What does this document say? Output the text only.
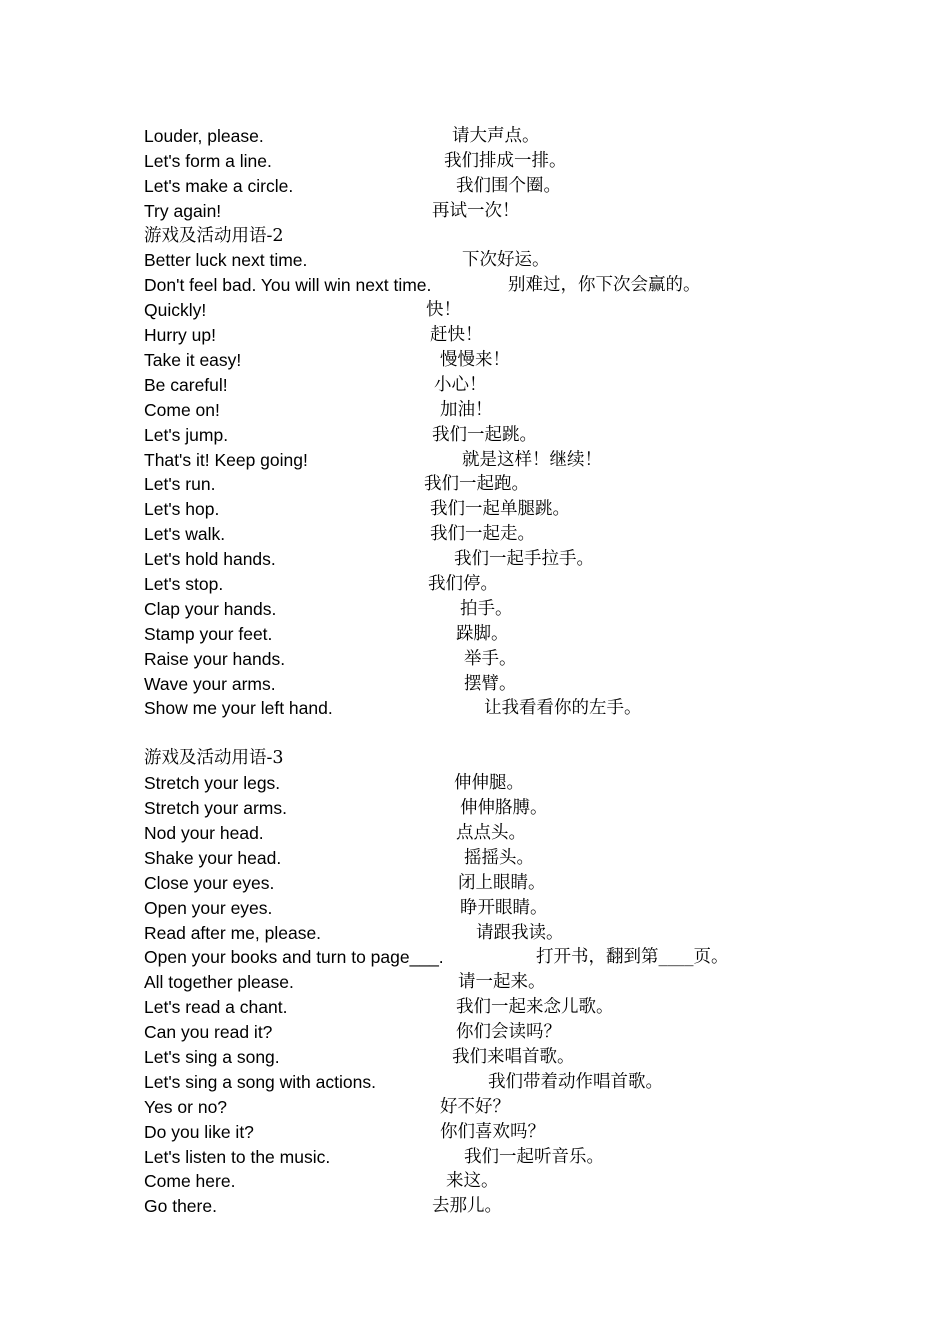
Louder, please.	请大声点。
Let's form a line.	我们排成一排。
Let's make a circle.	我们围个圈。
Try again!	再试一次！
游戏及活动用语-2
Better luck next time.	下次好运。
Don't feel bad. You will win next time.	别难过，你下次会赢的。
Quickly!	快！
Hurry up!	赶快！
Take it easy!	慢慢来！
Be careful!	小心！
Come on!	加油！
Let's jump.	我们一起跳。
That's it! Keep going!	就是这样！继续！
Let's run.	我们一起跑。
Let's hop.	我们一起单腿跳。
Let's walk.	我们一起走。
Let's hold hands.	我们一起手拉手。
Let's stop.	我们停。
Clap your hands.	拍手。
Stamp your feet.	跺脚。
Raise your hands.	举手。
Wave your arms.	摆臂。
Show me your left hand.	让我看看你的左手。
游戏及活动用语-3
Stretch your legs.	伸伸腿。
Stretch your arms.	伸伸胳膊。
Nod your head.	点点头。
Shake your head.	摇摇头。
Close your eyes.	闭上眼睛。
Open your eyes.	睁开眼睛。
Read after me, please.	请跟我读。
Open your books and turn to page___.	打开书，翻到第____页。
All together please.	请一起来。
Let's read a chant.	我们一起来念儿歌。
Can you read it?	你们会读吗？
Let's sing a song.	我们来唱首歌。
Let's sing a song with actions.	我们带着动作唱首歌。
Yes or no?	好不好？
Do you like it?	你们喜欢吗？
Let's listen to the music.	我们一起听音乐。
Come here.	来这。
Go there.	去那儿。
